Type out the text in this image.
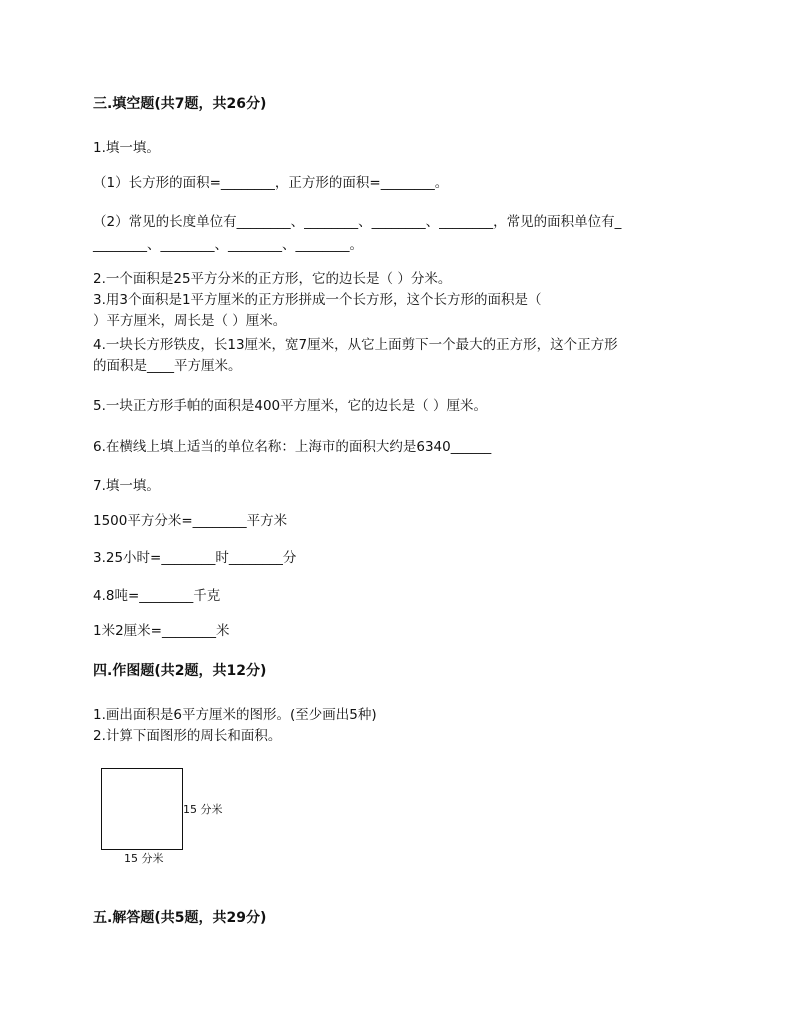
三.填空题(共7题，共26分)
1.填一填。
（1）长方形的面积=________，正方形的面积=________。
（2）常见的长度单位有________、________、________、________，常见的面积单位有_
________、________、________、________。
2.一个面积是25平方分米的正方形，它的边长是（ ）分米。
3.用3个面积是1平方厘米的正方形拼成一个长方形，这个长方形的面积是（
）平方厘米，周长是（ ）厘米。
4.一块长方形铁皮，长13厘米，宽7厘米，从它上面剪下一个最大的正方形，这个正方形
的面积是____平方厘米。
5.一块正方形手帕的面积是400平方厘米，它的边长是（ ）厘米。
6.在横线上填上适当的单位名称：上海市的面积大约是6340______
7.填一填。
1500平方分米=________平方米
3.25小时=________时________分
4.8吨=________千克
1米2厘米=________米
四.作图题(共2题，共12分)
1.画出面积是6平方厘米的图形。(至少画出5种)
2.计算下面图形的周长和面积。
15 分米
15 分米
五.解答题(共5题，共29分)
